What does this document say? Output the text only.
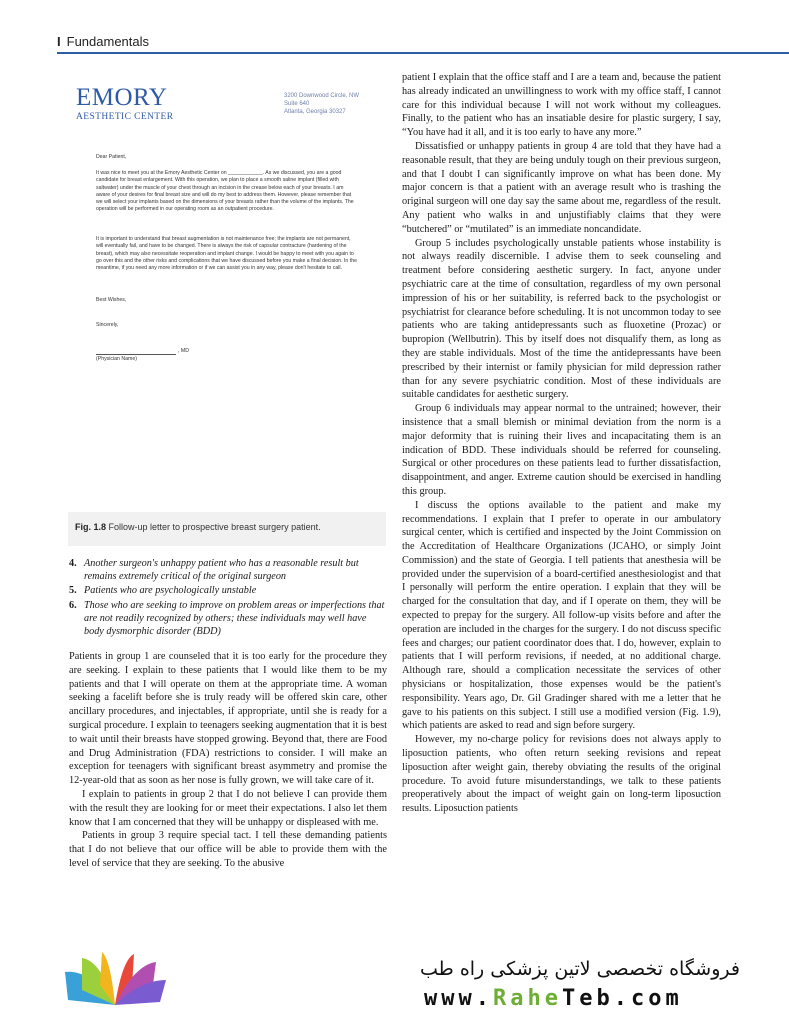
I Fundamentals
EMORY
AESTHETIC CENTER
3200 Downwood Circle, NW
Suite 640
Atlanta, Georgia 30327
Dear Patient,
It was nice to meet you at the Emory Aesthetic Center on ____________. As we discussed, you are a good candidate for breast enlargement. With this operation, we plan to place a smooth saline implant (filled with saltwater) under the muscle of your chest through an incision in the crease below each of your breasts. I am aware of your desires for final breast size and will do my best to address them. However, please remember that we will select your implants based on the dimensions of your breasts rather than the volume of the implants. The operation will be performed in our operating room as an outpatient procedure.
It is important to understand that breast augmentation is not maintenance free; the implants are not permanent, will eventually fail, and have to be changed. There is always the risk of capsular contracture (hardening of the breast), which may also necessitate reoperation and implant change. I would be happy to meet with you again to go over this and the other risks and complications that we have discussed before you make a final decision. In the meantime, if you need any more information or if we can assist you in any way, please don't hesitate to call.
Best Wishes,
Sincerely,
, MD
(Physician Name)
Fig. 1.8 Follow-up letter to prospective breast surgery patient.
4. Another surgeon's unhappy patient who has a reasonable result but remains extremely critical of the original surgeon
5. Patients who are psychologically unstable
6. Those who are seeking to improve on problem areas or imperfections that are not readily recognized by others; these individuals may well have body dysmorphic disorder (BDD)

Patients in group 1 are counseled that it is too early for the procedure they are seeking. I explain to these patients that I would like them to be my patients and that I will operate on them at the appropriate time. A woman seeking a facelift before she is truly ready will be offered skin care, other ancillary procedures, and injectables, if appropriate, until she is ready for a surgical procedure. I explain to teenagers seeking augmentation that it is best to wait until their breasts have stopped growing. Beyond that, there are Food and Drug Administration (FDA) restrictions to consider. I will make an exception for teenagers with significant breast asymmetry and promise the 12-year-old that as soon as her nose is fully grown, we will take care of it.

I explain to patients in group 2 that I do not believe I can provide them with the result they are looking for or meet their expectations. I also let them know that I am concerned that they will be unhappy or displeased with me.

Patients in group 3 require special tact. I tell these demanding patients that I do not believe that our office will be able to provide them with the level of service that they are seeking. To the abusive

patient I explain that the office staff and I are a team and, because the patient has already indicated an unwillingness to work with my office staff, I cannot care for this individual because I will not work without my colleagues. Finally, to the patient who has an insatiable desire for plastic surgery, I say, “You have had it all, and it is too early to have any more.”

Dissatisfied or unhappy patients in group 4 are told that they have had a reasonable result, that they are being unduly tough on their previous surgeon, and that I doubt I can significantly improve on what has been done. My major concern is that a patient with an average result who is trashing the original surgeon will one day say the same about me, regardless of the result. Any patient who walks in and unjustifiably claims that they were “butchered” or “mutilated” is an immediate noncandidate.

Group 5 includes psychologically unstable patients whose instability is not always readily discernible. I advise them to seek counseling and treatment before considering aesthetic surgery. In fact, anyone under psychiatric care at the time of consultation, regardless of my own personal impression of his or her suitability, is referred back to the psychologist or psychiatrist for clearance before scheduling. It is not uncommon today to see patients who are taking antidepressants such as fluoxetine (Prozac) or bupropion (Wellbutrin). This by itself does not disqualify them, as long as they are stable individuals. Most of the time the antidepressants have been prescribed by their internist or family physician for mild depression rather than for any severe psychiatric condition. Most of these individuals are suitable candidates for aesthetic surgery.

Group 6 individuals may appear normal to the untrained; however, their insistence that a small blemish or minimal deviation from the norm is a major deformity that is ruining their lives and incapacitating them is an indication of BDD. These individuals should be referred for counseling. Surgical or other procedures on these patients lead to further dissatisfaction, disappointment, and anger. Extreme caution should be exercised in handling this group.

I discuss the options available to the patient and make my recommendations. I explain that I prefer to operate in our ambulatory surgical center, which is certified and inspected by the Joint Commission on the Accreditation of Healthcare Organizations (JCAHO, or simply Joint Commission) and the state of Georgia. I tell patients that anesthesia will be provided under the supervision of a board-certified anesthesiologist and that I personally will perform the entire operation. I explain that they will be charged for the consultation that day, and if I operate on them, they will be expected to prepay for the surgery. All follow-up visits before and after the operation are included in the charges for the surgery. I do not discuss specific fees and charges; our patient coordinator does that. I do, however, explain to patients that I will perform revisions, if needed, at no additional charge. Although rare, should a complication necessitate the services of other physicians or hospitalization, those expenses would be the patient's responsibility. Years ago, Dr. Gil Gradinger shared with me a letter that he gave to his patients on this subject. I still use a modified version (Fig. 1.9), which patients are asked to read and sign before surgery.

However, my no-charge policy for revisions does not always apply to liposuction patients, who often return seeking revisions and repeat liposuction after weight gain, thereby obviating the results of the original procedure. To avoid future misunderstandings, we talk to these patients preoperatively about the impact of weight gain on long-term liposuction results. Liposuction patients

فروشگاه تخصصی لاتین پزشکی راه طب
www.RaheTeb.com
